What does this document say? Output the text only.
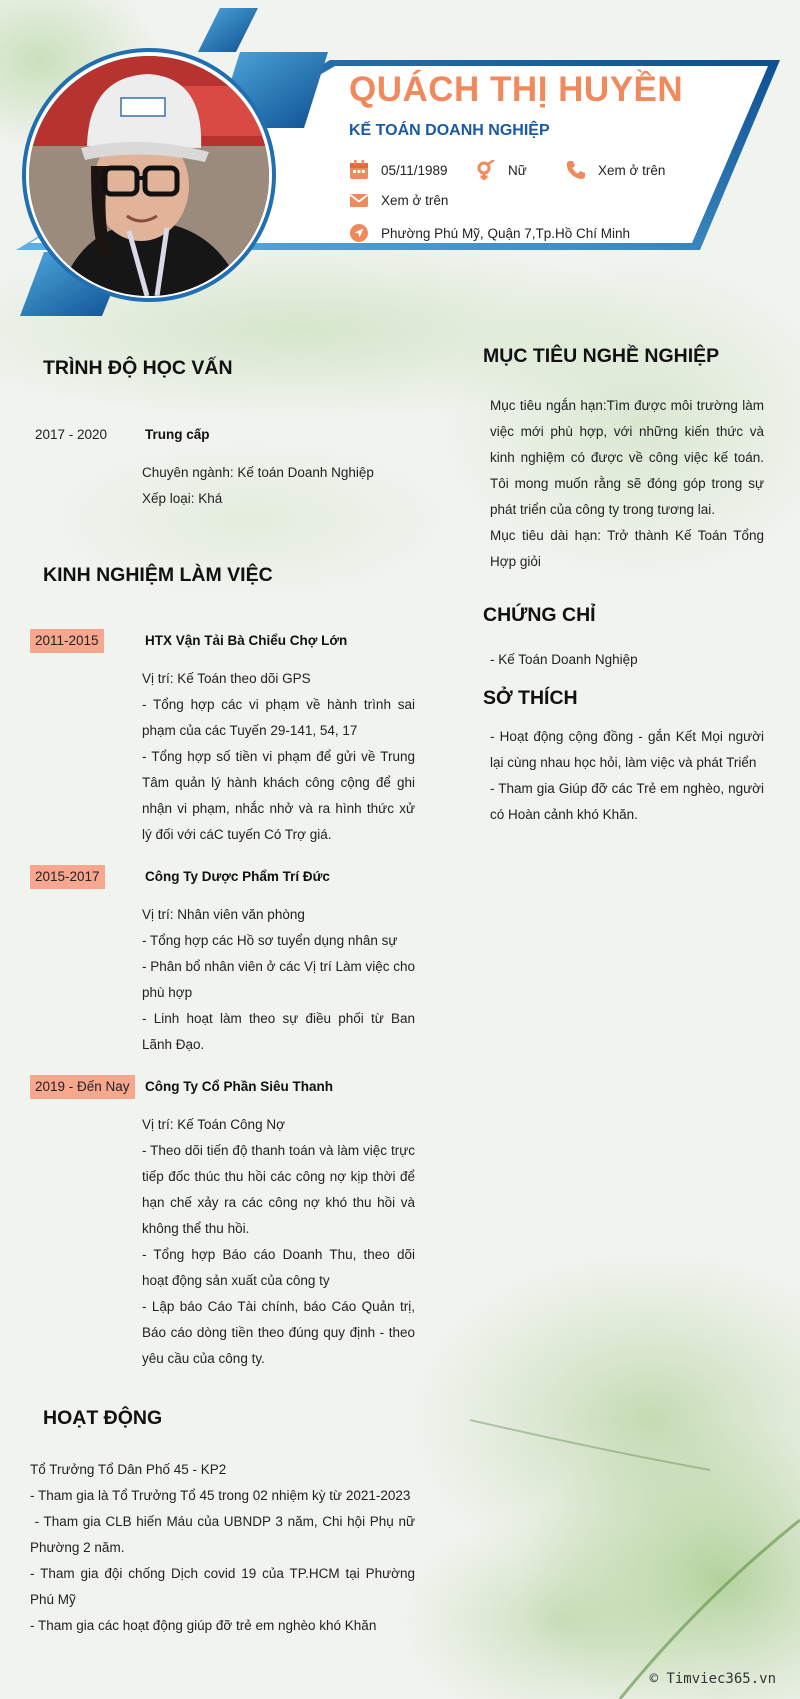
QUÁCH THỊ HUYỀN
KẾ TOÁN DOANH NGHIỆP
05/11/1989	Nữ	Xem ở trên
Xem ở trên
Phường Phú Mỹ, Quận 7,Tp.Hồ Chí Minh
TRÌNH ĐỘ HỌC VẤN
2017 - 2020	Trung cấp
Chuyên ngành: Kế toán Doanh Nghiệp
Xếp loại: Khá
KINH NGHIỆM LÀM VIỆC
2011-2015	HTX Vận Tải Bà Chiểu Chợ Lớn
Vị trí: Kế Toán theo dõi GPS
- Tổng hợp các vi phạm về hành trình sai phạm của các Tuyến 29-141, 54, 17
- Tổng hợp số tiền vi phạm để gửi về Trung Tâm quản lý hành khách công cộng để ghi nhận vi phạm, nhắc nhở và ra hình thức xử lý đối với cáC tuyến Có Trợ giá.
2015-2017	Công Ty Dược Phẩm Trí Đức
Vị trí: Nhân viên văn phòng
- Tổng hợp các Hồ sơ tuyển dụng nhân sự
- Phân bổ nhân viên ở các Vị trí Làm việc cho phù hợp
- Linh hoạt làm theo sự điều phối từ Ban Lãnh Đạo.
2019 - Đến Nay	Công Ty Cổ Phần Siêu Thanh
Vị trí: Kế Toán Công Nợ
- Theo dõi tiến độ thanh toán và làm việc trực tiếp đốc thúc thu hồi các công nợ kịp thời để hạn chế xảy ra các công nợ khó thu hồi và không thể thu hồi.
- Tổng hợp Báo cáo Doanh Thu, theo dõi hoạt động sản xuất của công ty
- Lập báo Cáo Tài chính, báo Cáo Quản trị, Báo cáo dòng tiền theo đúng quy định - theo yêu cầu của công ty.
HOẠT ĐỘNG
Tổ Trưởng Tổ Dân Phố 45 - KP2
- Tham gia là Tổ Trưởng Tổ 45 trong 02 nhiệm kỳ từ 2021-2023
- Tham gia CLB hiến Máu của UBNDP 3 năm, Chi hội Phụ nữ Phường 2 năm.
- Tham gia đội chống Dịch covid 19 của TP.HCM tại Phường Phú Mỹ
- Tham gia các hoạt động giúp đỡ trẻ em nghèo khó Khăn
MỤC TIÊU NGHỀ NGHIỆP
Mục tiêu ngắn hạn:Tìm được môi trường làm việc mới phù hợp, với những kiến thức và kinh nghiệm có được về công việc kế toán. Tôi mong muốn rằng sẽ đóng góp trong sự phát triển của công ty trong tương lai.
Mục tiêu dài hạn: Trở thành Kế Toán Tổng Hợp giỏi
CHỨNG CHỈ
- Kế Toán Doanh Nghiệp
SỞ THÍCH
- Hoạt động cộng đồng - gắn Kết Mọi người lại cùng nhau học hỏi, làm việc và phát Triển
- Tham gia Giúp đỡ các Trẻ em nghèo, người có Hoàn cảnh khó Khăn.
© Timviec365.vn
